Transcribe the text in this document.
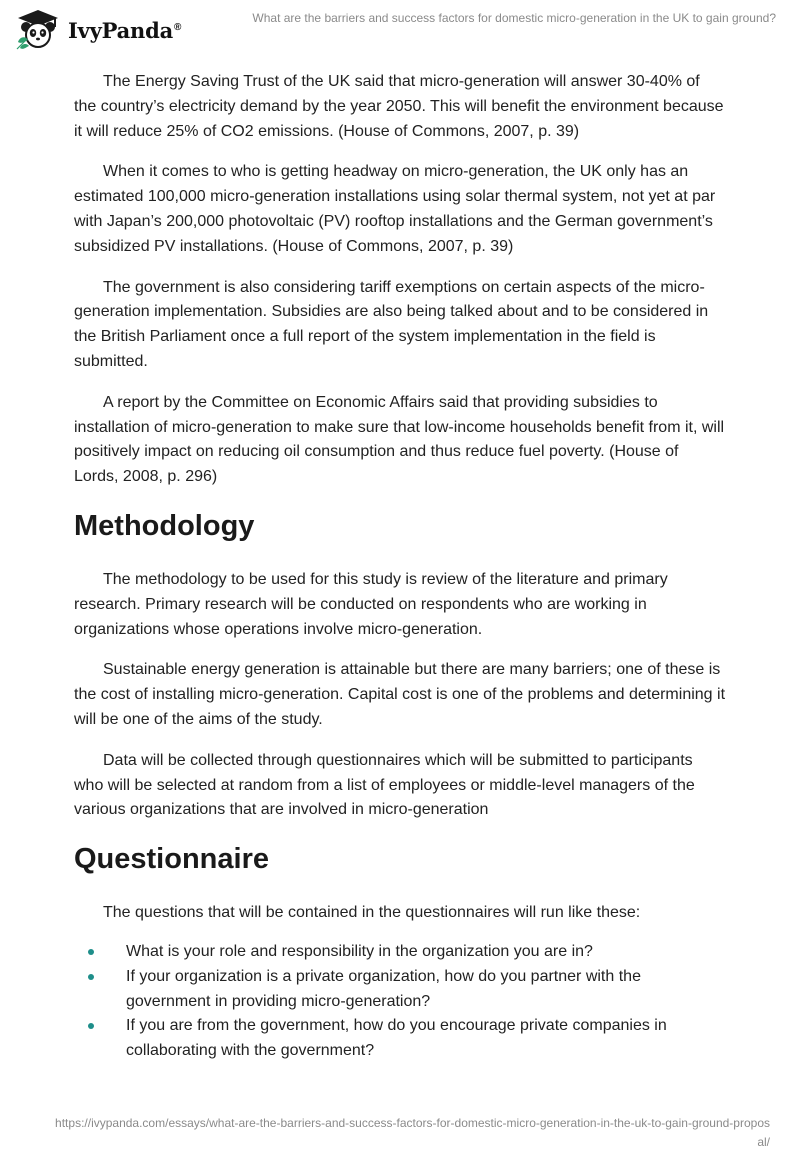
IvyPanda®
What are the barriers and success factors for domestic micro-generation in the UK to gain ground?

The Energy Saving Trust of the UK said that micro-generation will answer 30-40% of the country’s electricity demand by the year 2050. This will benefit the environment because it will reduce 25% of CO2 emissions. (House of Commons, 2007, p. 39)

When it comes to who is getting headway on micro-generation, the UK only has an estimated 100,000 micro-generation installations using solar thermal system, not yet at par with Japan’s 200,000 photovoltaic (PV) rooftop installations and the German government’s subsidized PV installations. (House of Commons, 2007, p. 39)

The government is also considering tariff exemptions on certain aspects of the micro-generation implementation. Subsidies are also being talked about and to be considered in the British Parliament once a full report of the system implementation in the field is submitted.

A report by the Committee on Economic Affairs said that providing subsidies to installation of micro-generation to make sure that low-income households benefit from it, will positively impact on reducing oil consumption and thus reduce fuel poverty. (House of Lords, 2008, p. 296)

Methodology

The methodology to be used for this study is review of the literature and primary research. Primary research will be conducted on respondents who are working in organizations whose operations involve micro-generation.

Sustainable energy generation is attainable but there are many barriers; one of these is the cost of installing micro-generation. Capital cost is one of the problems and determining it will be one of the aims of the study.

Data will be collected through questionnaires which will be submitted to participants who will be selected at random from a list of employees or middle-level managers of the various organizations that are involved in micro-generation

Questionnaire

The questions that will be contained in the questionnaires will run like these:

What is your role and responsibility in the organization you are in?
If your organization is a private organization, how do you partner with the government in providing micro-generation?
If you are from the government, how do you encourage private companies in collaborating with the government?
https://ivypanda.com/essays/what-are-the-barriers-and-success-factors-for-domestic-micro-generation-in-the-uk-to-gain-ground-proposal/
